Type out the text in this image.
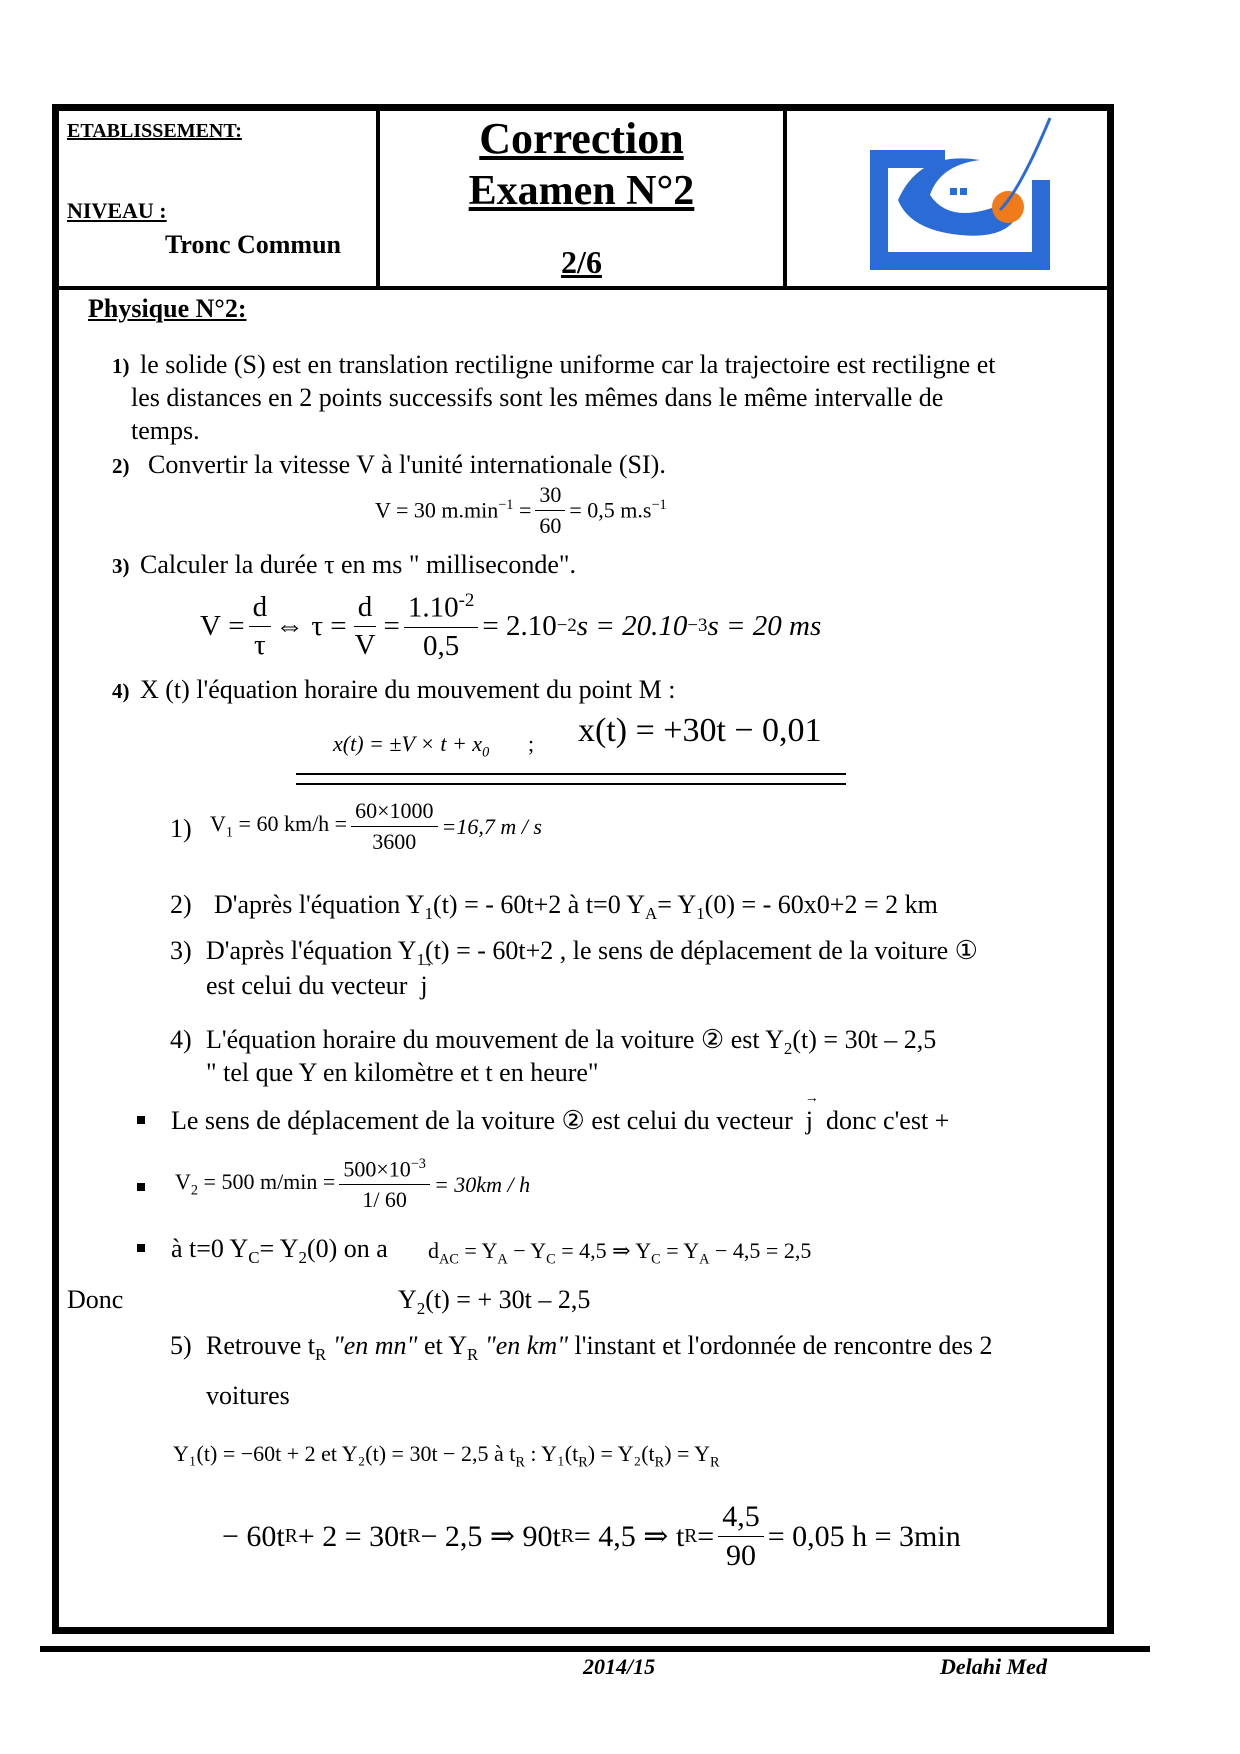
ETABLISSEMENT:
NIVEAU :
Tronc Commun
Correction
Examen N°2
2/6
Physique N°2:
1) le solide (S) est en translation rectiligne uniforme car la trajectoire est rectiligne et
les distances en 2 points successifs sont les mêmes dans le même intervalle de
temps.
2) Convertir la vitesse V à l'unité internationale (SI).
V = 30 $m.\min^{-1} = \frac{30}{60} = 0,5$ $m.s^{-1}$
3) Calculer la durée τ en ms " milliseconde".
$V = \frac{d}{\tau}$ ⇔ $\tau = \frac{d}{V} = \frac{1.10^{-2}}{0,5} = 2.10 -2$ s = 20.10 −3 s = 20 ms
4) X (t) l'équation horaire du mouvement du point M :
$x(t) = \pm V \times t + x_0$ ; x(t) = +30t − 0,01
1) $V_1 = 60$ $km/h = \frac{60\times 1000}{3600} =16,7$ m / s
2) D'après l'équation $Y_1(t)$ = - 60t+2 à t=0 $Y_A= Y_1(0)$ = - 60x0+2 = 2 km
3) D'après l'équation $Y_1(t)$ = - 60t+2 , le sens de déplacement de la voiture ①
est celui du vecteur → j
4) L'équation horaire du mouvement de la voiture ② est $Y_2(t) = 30t - 2,5$
" tel que Y en kilomètre et t en heure"
Le sens de déplacement de la voiture ② est celui du vecteur → j donc c'est +
$V_2 = 500$ $m/\min = \frac{500\times 10^{-3}}{1/ 60} = 30km / h$
à t=0 $Y_C= Y_2(0)$ on a $d_{AC} = Y_A - Y_C = 4,5$ ⇒ $Y_C = Y_A - 4,5 = 2,5$
Donc	$Y_2(t)$ = + 30t – 2,5
5) Retrouve $t_R$ "en mn" et $Y_R$ "en km" l'instant et l'ordonnée de rencontre des 2
voitures
Y₁(t) = −60t + 2 et Y₂(t) = 30t − 2,5 à $t_R$ : $Y_1(t_R) = Y_2(t_R) = Y_R$
− 60t R + 2 = 30t R − 2,5 ⇒ 90t R = 4,5 ⇒ t $R = \frac{4,5}{90} = 0,05$ h = 3min
2014/15	Delahi Med
